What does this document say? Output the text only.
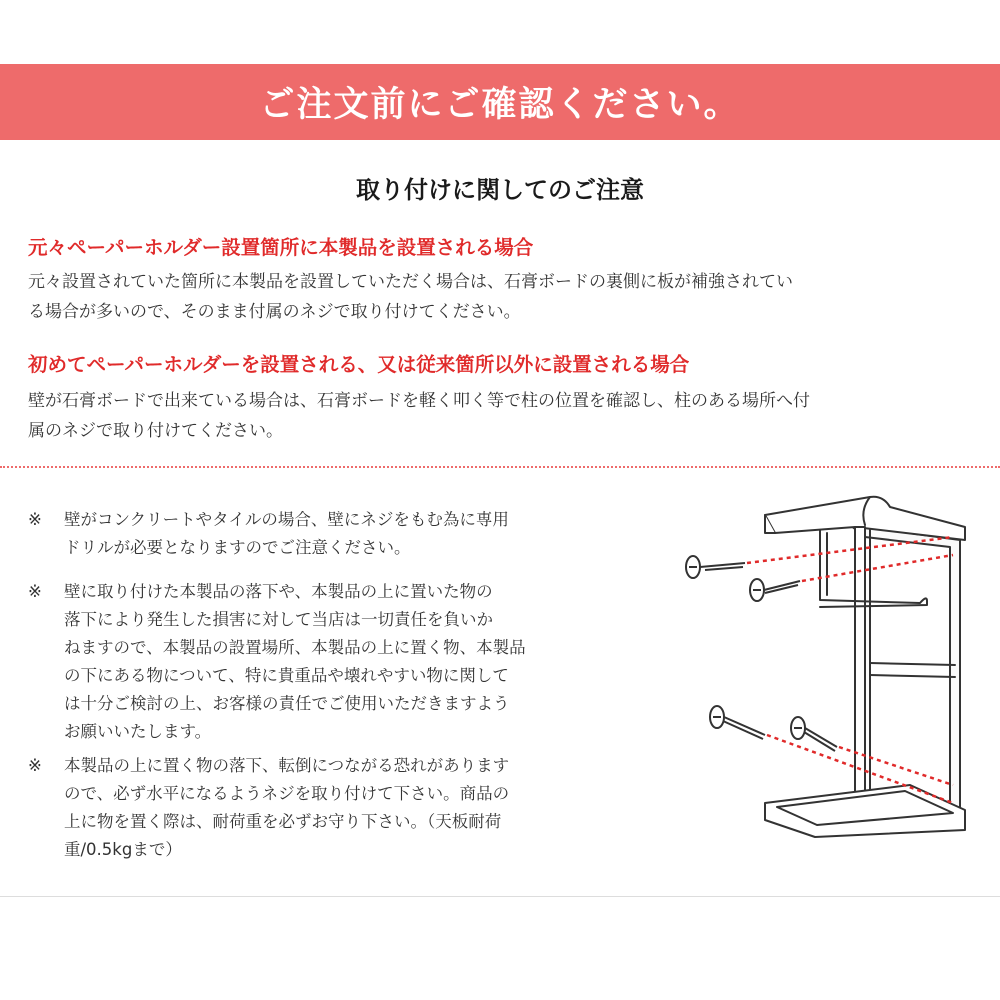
ご注文前にご確認ください。
取り付けに関してのご注意
元々ペーパーホルダー設置箇所に本製品を設置される場合
元々設置されていた箇所に本製品を設置していただく場合は、石膏ボードの裏側に板が補強されてい
る場合が多いので、そのまま付属のネジで取り付けてください。
初めてペーパーホルダーを設置される、又は従来箇所以外に設置される場合
壁が石膏ボードで出来ている場合は、石膏ボードを軽く叩く等で柱の位置を確認し、柱のある場所へ付
属のネジで取り付けてください。
※	壁がコンクリートやタイルの場合、壁にネジをもむ為に専用
ドリルが必要となりますのでご注意ください。
※	壁に取り付けた本製品の落下や、本製品の上に置いた物の
落下により発生した損害に対して当店は一切責任を負いか
ねますので、本製品の設置場所、本製品の上に置く物、本製品
の下にある物について、特に貴重品や壊れやすい物に関して
は十分ご検討の上、お客様の責任でご使用いただきますよう
お願いいたします。
※	本製品の上に置く物の落下、転倒につながる恐れがあります
ので、必ず水平になるようネジを取り付けて下さい。商品の
上に物を置く際は、耐荷重を必ずお守り下さい。（天板耐荷
重/0.5kgまで）
